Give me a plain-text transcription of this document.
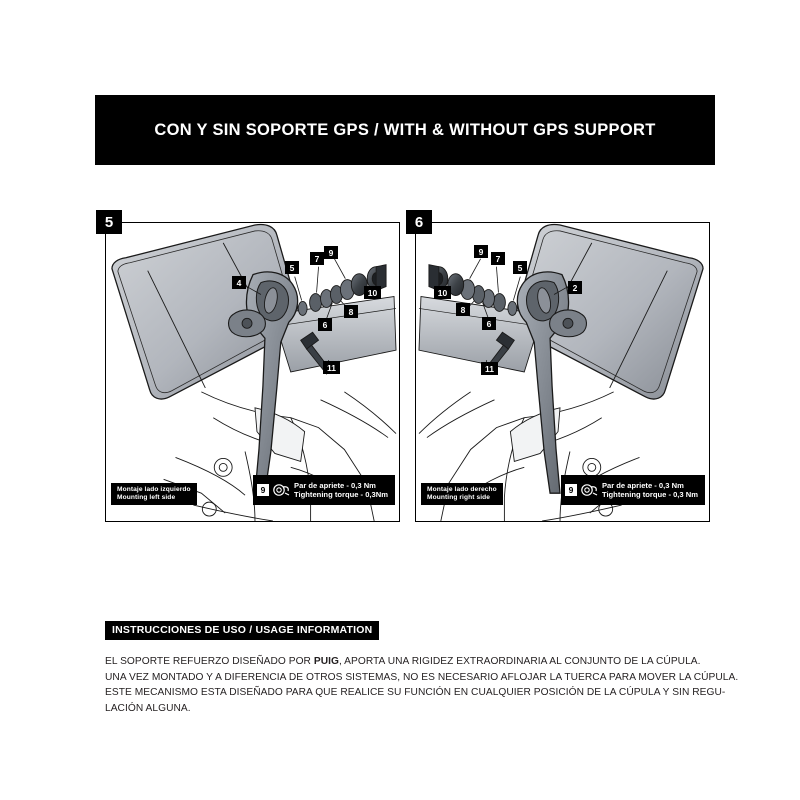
CON Y SIN SOPORTE GPS / WITH & WITHOUT GPS SUPPORT
5	6
Montaje lado izquierdo
Mounting left side
9	Par de apriete - 0,3 Nm
Tightening torque - 0,3Nm
Montaje lado derecho
Mounting right side
9	Par de apriete - 0,3 Nm
Tightening torque - 0,3 Nm
4
5
7
9
10
8
6
11
10
9
7
5
2
8
6
11
INSTRUCCIONES DE USO / USAGE INFORMATION

EL SOPORTE REFUERZO DISEÑADO POR PUIG, APORTA UNA RIGIDEZ EXTRAORDINARIA AL CONJUNTO DE LA CÚPULA.

UNA VEZ MONTADO Y A DIFERENCIA DE OTROS SISTEMAS, NO ES NECESARIO AFLOJAR LA TUERCA PARA MOVER LA CÚPULA.

ESTE MECANISMO ESTA DISEÑADO PARA QUE REALICE SU FUNCIÓN EN CUALQUIER POSICIÓN DE LA CÚPULA Y SIN REGU-

LACIÓN ALGUNA.
